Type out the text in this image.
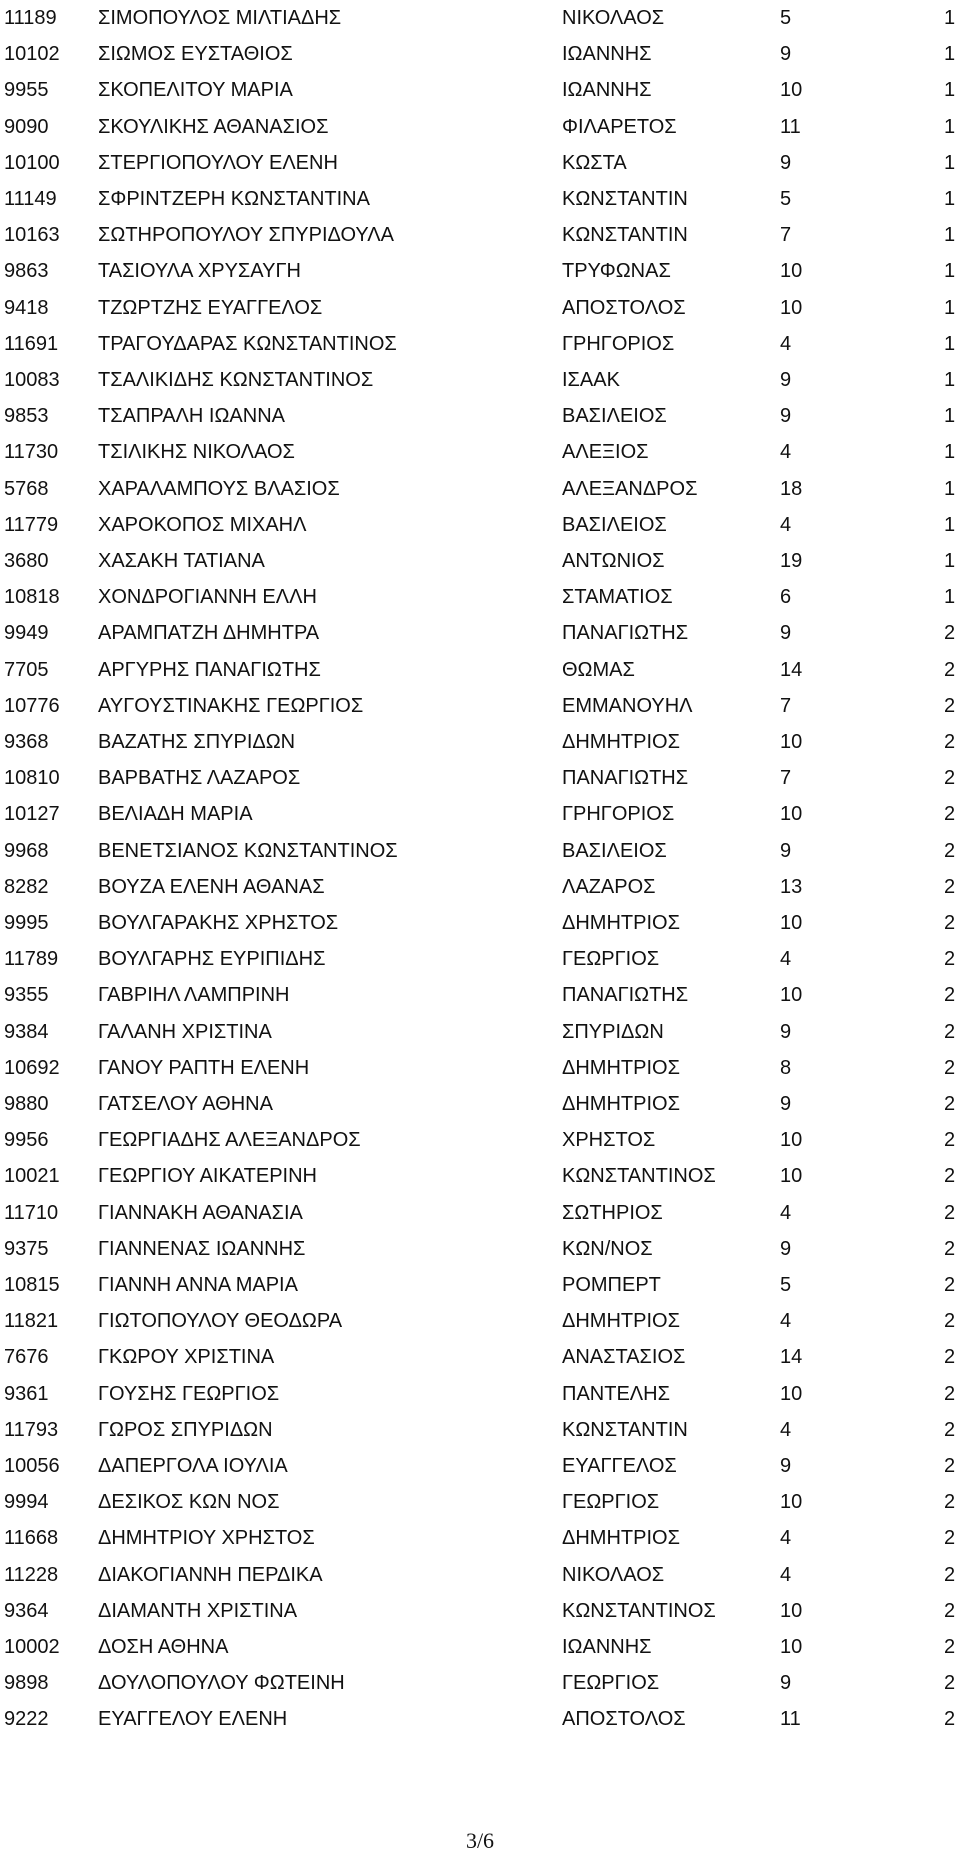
11189 ΣΙΜΟΠΟΥΛΟΣ ΜΙΛΤΙΑΔΗΣ	ΝΙΚΟΛΑΟΣ	5	1
10102 ΣΙΩΜΟΣ ΕΥΣΤΑΘΙΟΣ	ΙΩΑΝΝΗΣ	9	1
9955 ΣΚΟΠΕΛΙΤΟΥ ΜΑΡΙΑ	ΙΩΑΝΝΗΣ	10	1
9090 ΣΚΟΥΛΙΚΗΣ ΑΘΑΝΑΣΙΟΣ	ΦΙΛΑΡΕΤΟΣ	11	1
10100 ΣΤΕΡΓΙΟΠΟΥΛΟΥ ΕΛΕΝΗ	ΚΩΣΤΑ	9	1
11149 ΣΦΡΙΝΤΖΕΡΗ ΚΩΝΣΤΑΝΤΙΝΑ	ΚΩΝΣΤΑΝΤΙΝ	5	1
10163 ΣΩΤΗΡΟΠΟΥΛΟΥ ΣΠΥΡΙΔΟΥΛΑ	ΚΩΝΣΤΑΝΤΙΝ	7	1
9863 ΤΑΣΙΟΥΛΑ ΧΡΥΣΑΥΓΗ	ΤΡΥΦΩΝΑΣ	10	1
9418 ΤΖΩΡΤΖΗΣ ΕΥΑΓΓΕΛΟΣ	ΑΠΟΣΤΟΛΟΣ	10	1
11691 ΤΡΑΓΟΥΔΑΡΑΣ ΚΩΝΣΤΑΝΤΙΝΟΣ	ΓΡΗΓΟΡΙΟΣ	4	1
10083 ΤΣΑΛΙΚΙΔΗΣ ΚΩΝΣΤΑΝΤΙΝΟΣ	ΙΣΑΑΚ	9	1
9853 ΤΣΑΠΡΑΛΗ ΙΩΑΝΝΑ	ΒΑΣΙΛΕΙΟΣ	9	1
11730 ΤΣΙΛΙΚΗΣ ΝΙΚΟΛΑΟΣ	ΑΛΕΞΙΟΣ	4	1
5768 ΧΑΡΑΛΑΜΠΟΥΣ ΒΛΑΣΙΟΣ	ΑΛΕΞΑΝΔΡΟΣ	18	1
11779 ΧΑΡΟΚΟΠΟΣ ΜΙΧΑΗΛ	ΒΑΣΙΛΕΙΟΣ	4	1
3680 ΧΑΣΑΚΗ ΤΑΤΙΑΝΑ	ΑΝΤΩΝΙΟΣ	19	1
10818 ΧΟΝΔΡΟΓΙΑΝΝΗ ΕΛΛΗ	ΣΤΑΜΑΤΙΟΣ	6	1
9949 ΑΡΑΜΠΑΤΖΗ ΔΗΜΗΤΡΑ	ΠΑΝΑΓΙΩΤΗΣ	9	2
7705 ΑΡΓΥΡΗΣ ΠΑΝΑΓΙΩΤΗΣ	ΘΩΜΑΣ	14	2
10776 ΑΥΓΟΥΣΤΙΝΑΚΗΣ ΓΕΩΡΓΙΟΣ	ΕΜΜΑΝΟΥΗΛ	7	2
9368 ΒΑΖΑΤΗΣ ΣΠΥΡΙΔΩΝ	ΔΗΜΗΤΡΙΟΣ	10	2
10810 ΒΑΡΒΑΤΗΣ ΛΑΖΑΡΟΣ	ΠΑΝΑΓΙΩΤΗΣ	7	2
10127 ΒΕΛΙΑΔΗ ΜΑΡΙΑ	ΓΡΗΓΟΡΙΟΣ	10	2
9968 ΒΕΝΕΤΣΙΑΝΟΣ ΚΩΝΣΤΑΝΤΙΝΟΣ	ΒΑΣΙΛΕΙΟΣ	9	2
8282 ΒΟΥΖΑ ΕΛΕΝΗ ΑΘΑΝΑΣ	ΛΑΖΑΡΟΣ	13	2
9995 ΒΟΥΛΓΑΡΑΚΗΣ ΧΡΗΣΤΟΣ	ΔΗΜΗΤΡΙΟΣ	10	2
11789 ΒΟΥΛΓΑΡΗΣ ΕΥΡΙΠΙΔΗΣ	ΓΕΩΡΓΙΟΣ	4	2
9355 ΓΑΒΡΙΗΛ ΛΑΜΠΡΙΝΗ	ΠΑΝΑΓΙΩΤΗΣ	10	2
9384 ΓΑΛΑΝΗ ΧΡΙΣΤΙΝΑ	ΣΠΥΡΙΔΩΝ	9	2
10692 ΓΑΝΟΥ ΡΑΠΤΗ ΕΛΕΝΗ	ΔΗΜΗΤΡΙΟΣ	8	2
9880 ΓΑΤΣΕΛΟΥ ΑΘΗΝΑ	ΔΗΜΗΤΡΙΟΣ	9	2
9956 ΓΕΩΡΓΙΑΔΗΣ ΑΛΕΞΑΝΔΡΟΣ	ΧΡΗΣΤΟΣ	10	2
10021 ΓΕΩΡΓΙΟΥ ΑΙΚΑΤΕΡΙΝΗ	ΚΩΝΣΤΑΝΤΙΝΟΣ	10	2
11710 ΓΙΑΝΝΑΚΗ ΑΘΑΝΑΣΙΑ	ΣΩΤΗΡΙΟΣ	4	2
9375 ΓΙΑΝΝΕΝΑΣ ΙΩΑΝΝΗΣ	ΚΩΝ/ΝΟΣ	9	2
10815 ΓΙΑΝΝΗ ΑΝΝΑ ΜΑΡΙΑ	ΡΟΜΠΕΡΤ	5	2
11821 ΓΙΩΤΟΠΟΥΛΟΥ ΘΕΟΔΩΡΑ	ΔΗΜΗΤΡΙΟΣ	4	2
7676 ΓΚΩΡΟΥ ΧΡΙΣΤΙΝΑ	ΑΝΑΣΤΑΣΙΟΣ	14	2
9361 ΓΟΥΣΗΣ ΓΕΩΡΓΙΟΣ	ΠΑΝΤΕΛΗΣ	10	2
11793 ΓΩΡΟΣ ΣΠΥΡΙΔΩΝ	ΚΩΝΣΤΑΝΤΙΝ	4	2
10056 ΔΑΠΕΡΓΟΛΑ ΙΟΥΛΙΑ	ΕΥΑΓΓΕΛΟΣ	9	2
9994 ΔΕΣΙΚΟΣ ΚΩΝ ΝΟΣ	ΓΕΩΡΓΙΟΣ	10	2
11668 ΔΗΜΗΤΡΙΟΥ ΧΡΗΣΤΟΣ	ΔΗΜΗΤΡΙΟΣ	4	2
11228 ΔΙΑΚΟΓΙΑΝΝΗ ΠΕΡΔΙΚΑ	ΝΙΚΟΛΑΟΣ	4	2
9364 ΔΙΑΜΑΝΤΗ ΧΡΙΣΤΙΝΑ	ΚΩΝΣΤΑΝΤΙΝΟΣ	10	2
10002 ΔΟΣΗ ΑΘΗΝΑ	ΙΩΑΝΝΗΣ	10	2
9898 ΔΟΥΛΟΠΟΥΛΟΥ ΦΩΤΕΙΝΗ	ΓΕΩΡΓΙΟΣ	9	2
9222 ΕΥΑΓΓΕΛΟΥ ΕΛΕΝΗ	ΑΠΟΣΤΟΛΟΣ	11	2
3/6
